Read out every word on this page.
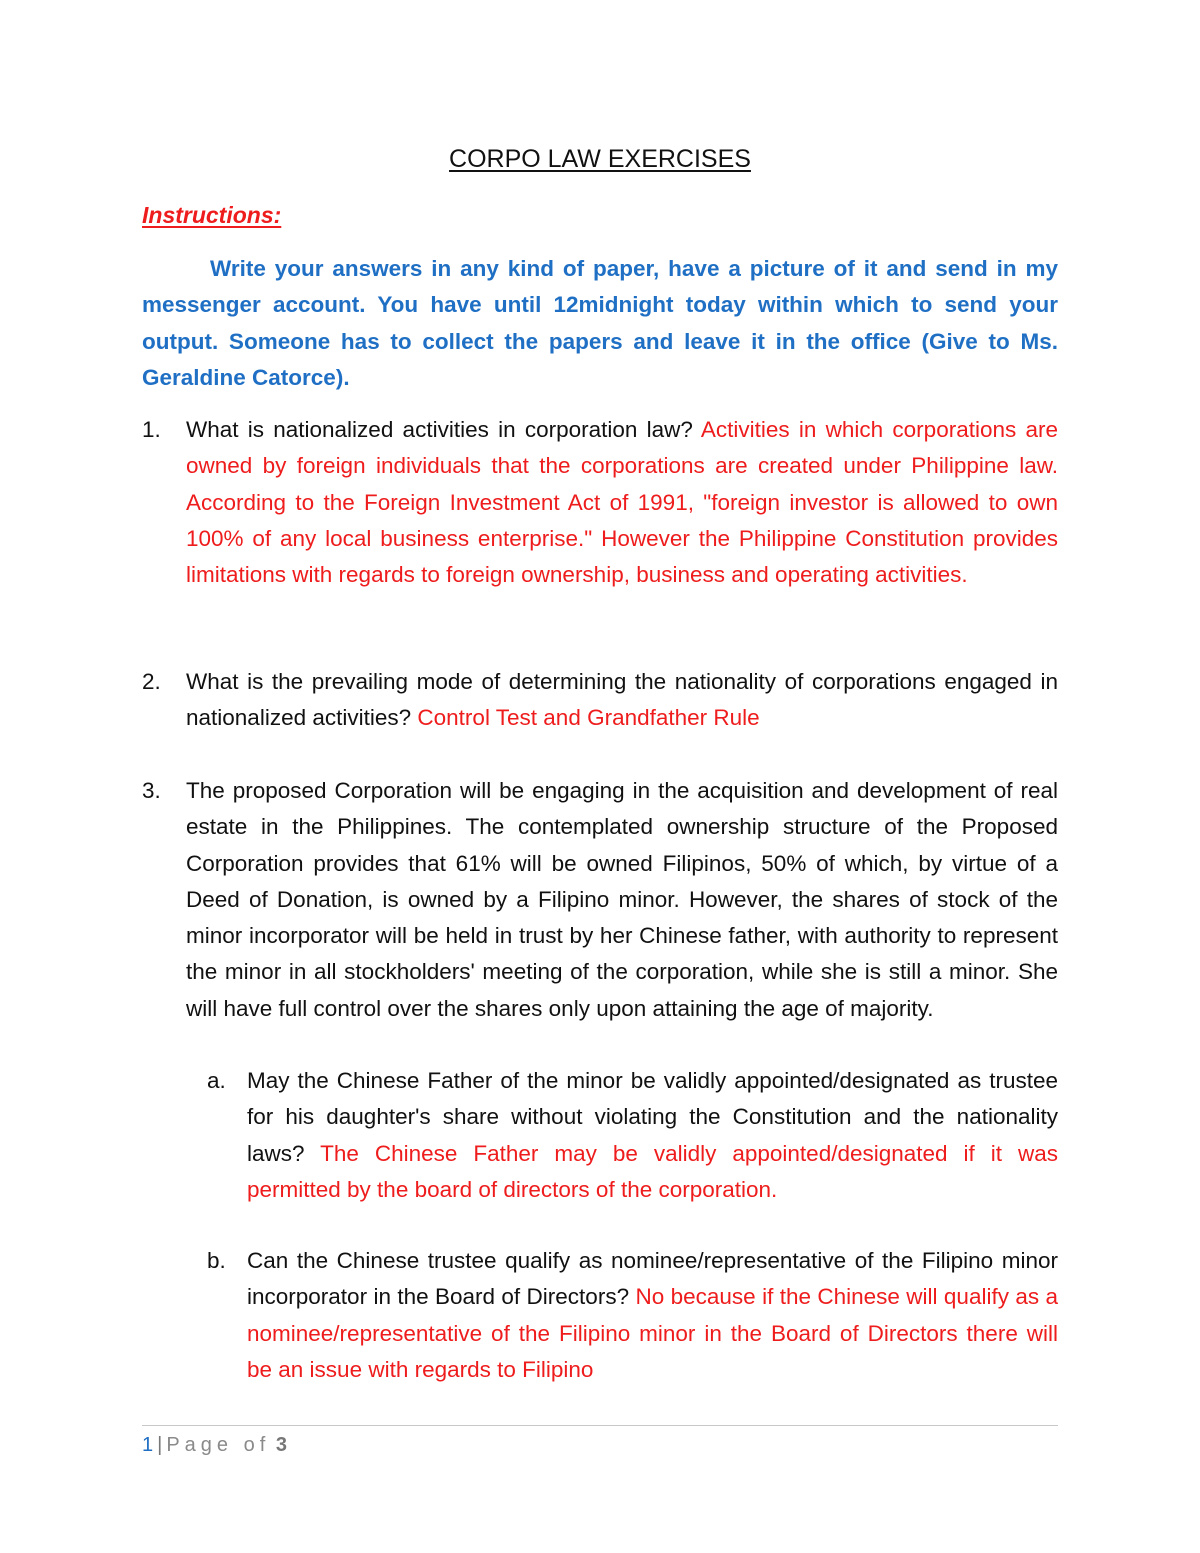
CORPO LAW EXERCISES
Instructions:

Write your answers in any kind of paper, have a picture of it and send in my messenger account. You have until 12midnight today within which to send your output. Someone has to collect the papers and leave it in the office (Give to Ms. Geraldine Catorce).

1.	What is nationalized activities in corporation law? Activities in which corporations are owned by foreign individuals that the corporations are created under Philippine law. According to the Foreign Investment Act of 1991, "foreign investor is allowed to own 100% of any local business enterprise." However the Philippine Constitution provides limitations with regards to foreign ownership, business and operating activities.
2.	What is the prevailing mode of determining the nationality of corporations engaged in nationalized activities? Control Test and Grandfather Rule
3.	The proposed Corporation will be engaging in the acquisition and development of real estate in the Philippines. The contemplated ownership structure of the Proposed Corporation provides that 61% will be owned Filipinos, 50% of which, by virtue of a Deed of Donation, is owned by a Filipino minor. However, the shares of stock of the minor incorporator will be held in trust by her Chinese father, with authority to represent the minor in all stockholders' meeting of the corporation, while she is still a minor. She will have full control over the shares only upon attaining the age of majority.
a. May the Chinese Father of the minor be validly appointed/designated as trustee for his daughter's share without violating the Constitution and the nationality laws? The Chinese Father may be validly appointed/designated if it was permitted by the board of directors of the corporation.
b. Can the Chinese trustee qualify as nominee/representative of the Filipino minor incorporator in the Board of Directors? No because if the Chinese will qualify as a nominee/representative of the Filipino minor in the Board of Directors there will be an issue with regards to Filipino
1 | Page of 3
